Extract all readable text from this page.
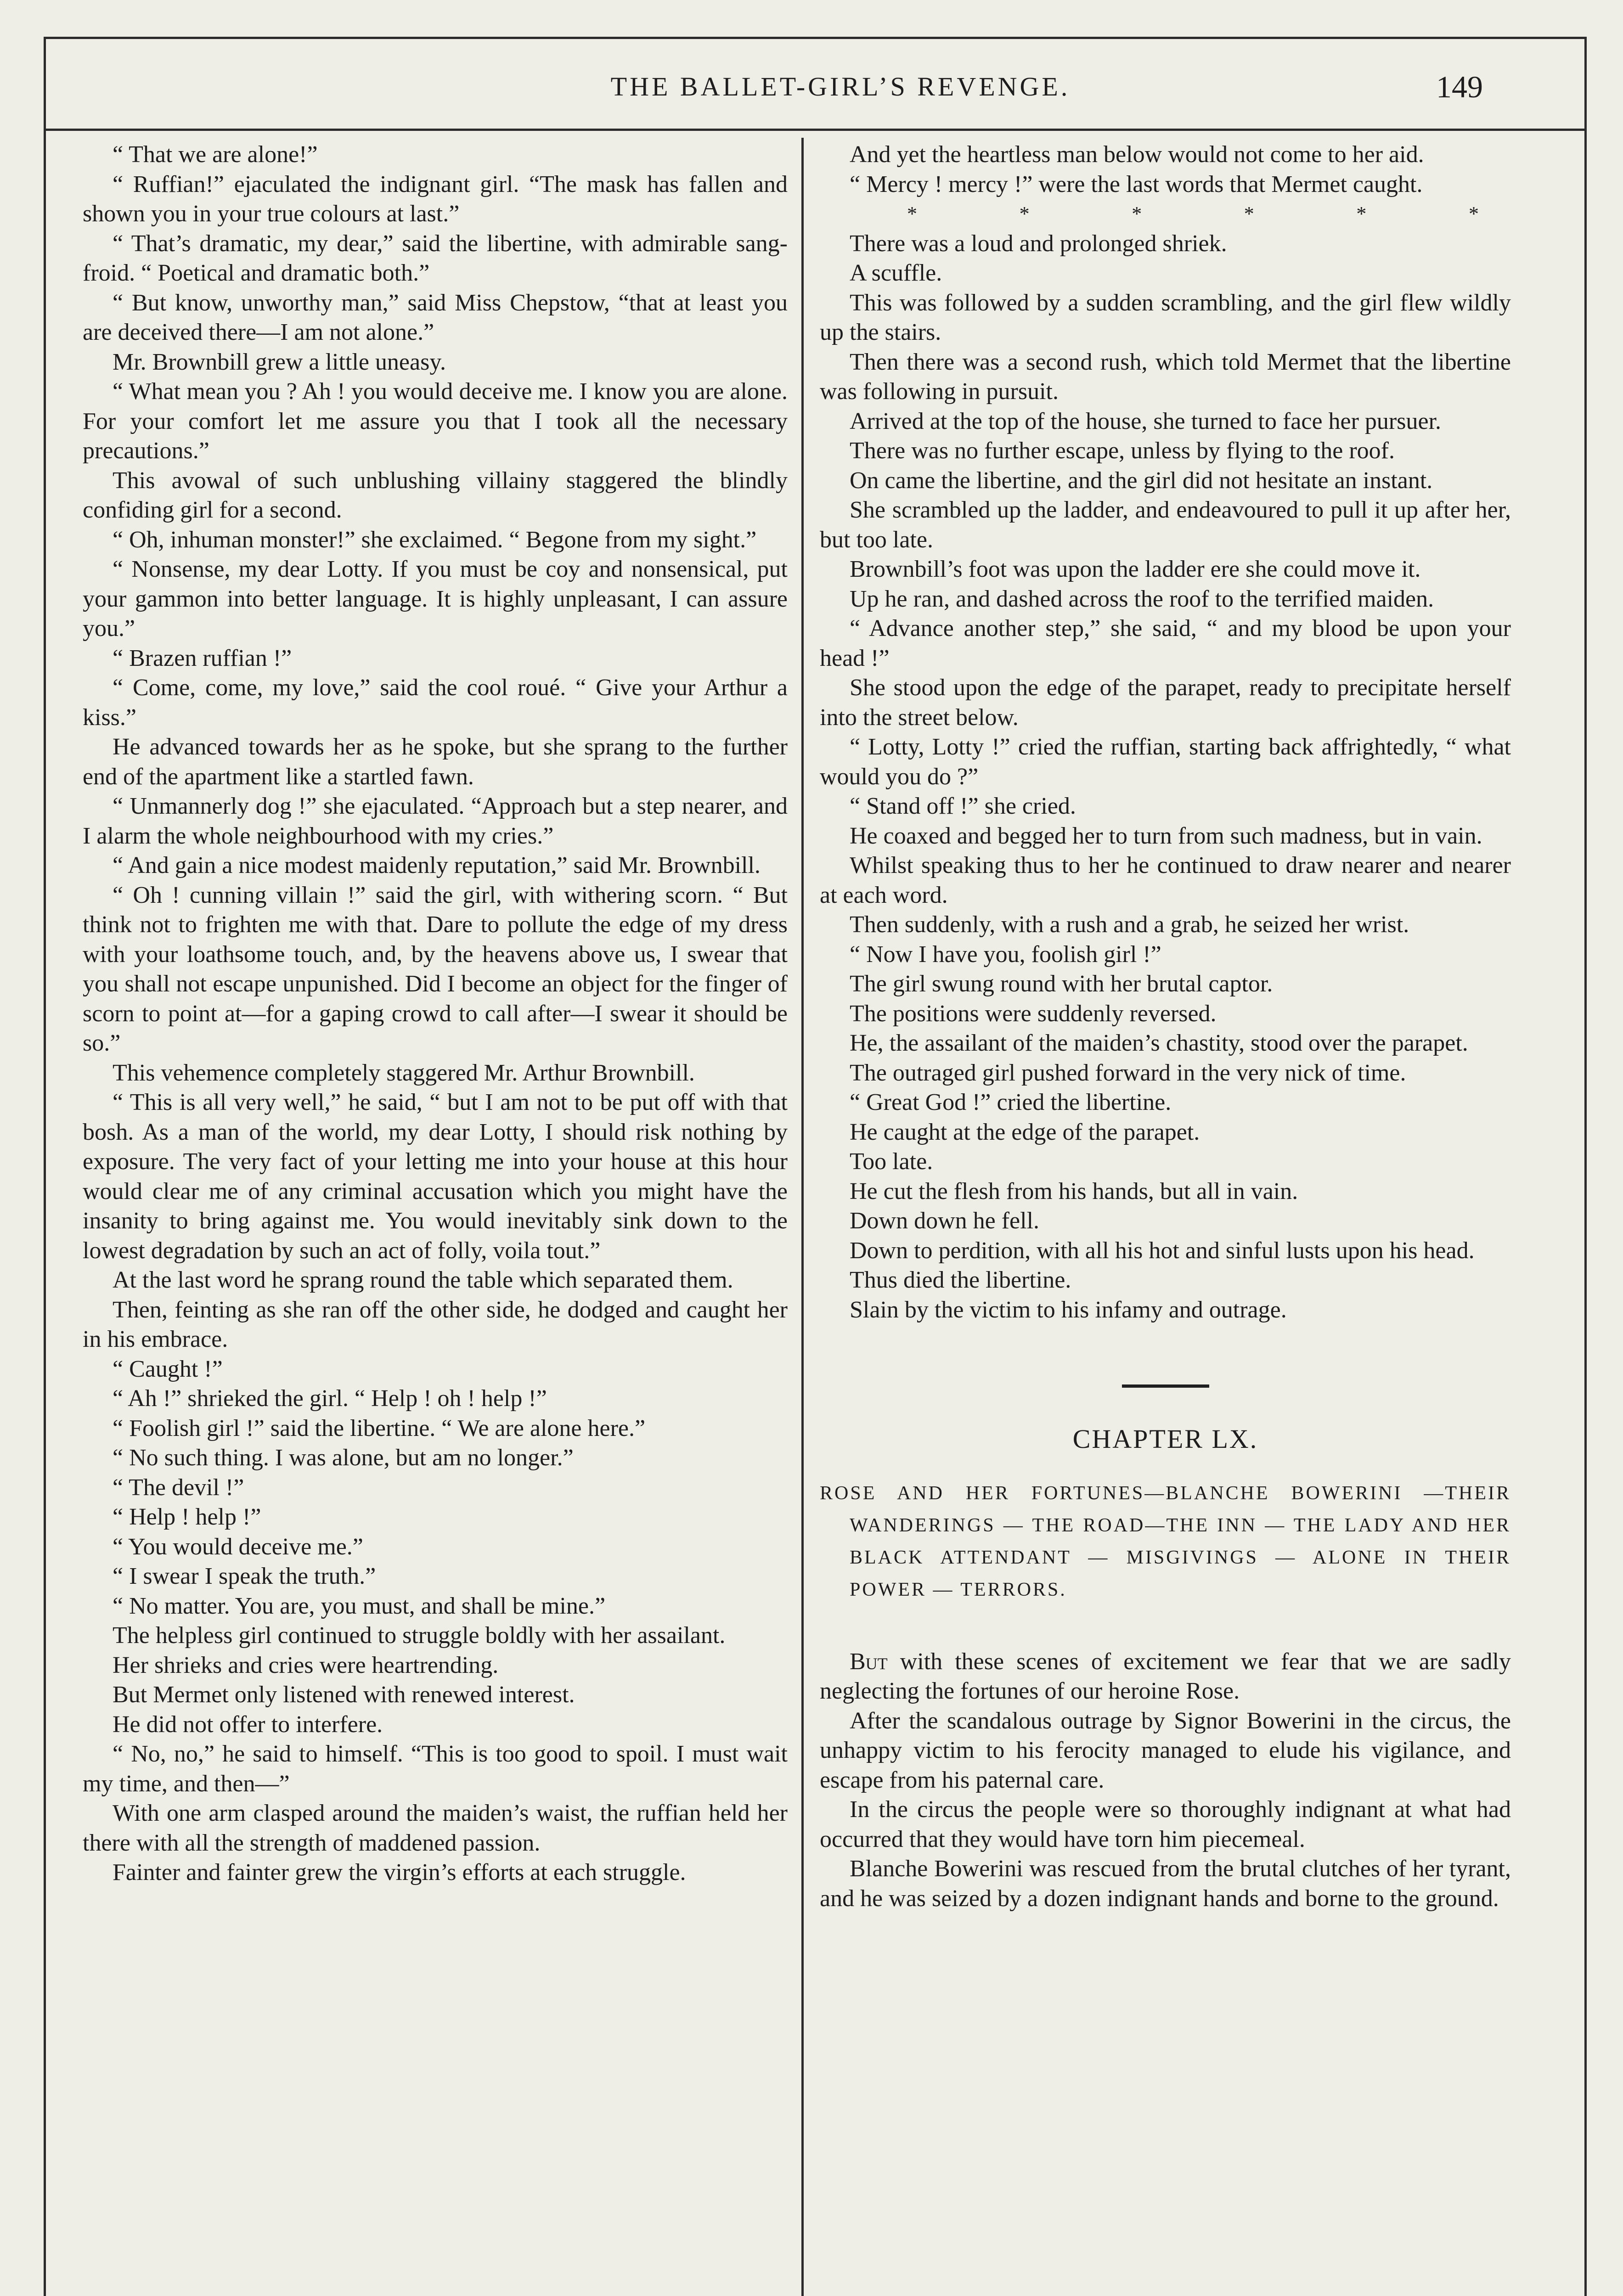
THE BALLET-GIRL’S REVENGE.	149

“ That we are alone!”

“ Ruffian!” ejaculated the indignant girl. “The mask has fallen and shown you in your true colours at last.”

“ That’s dramatic, my dear,” said the libertine, with admirable sang-froid. “ Poetical and dramatic both.”

“ But know, unworthy man,” said Miss Chepstow, “that at least you are deceived there—I am not alone.”

Mr. Brownbill grew a little uneasy.

“ What mean you ? Ah ! you would deceive me. I know you are alone. For your comfort let me assure you that I took all the necessary precautions.”

This avowal of such unblushing villainy staggered the blindly confiding girl for a second.

“ Oh, inhuman monster!” she exclaimed. “ Begone from my sight.”

“ Nonsense, my dear Lotty. If you must be coy and nonsensical, put your gammon into better language. It is highly unpleasant, I can assure you.”

“ Brazen ruffian !”

“ Come, come, my love,” said the cool roué. “ Give your Arthur a kiss.”

He advanced towards her as he spoke, but she sprang to the further end of the apartment like a startled fawn.

“ Unmannerly dog !” she ejaculated. “Approach but a step nearer, and I alarm the whole neighbourhood with my cries.”

“ And gain a nice modest maidenly reputation,” said Mr. Brownbill.

“ Oh ! cunning villain !” said the girl, with withering scorn. “ But think not to frighten me with that. Dare to pollute the edge of my dress with your loathsome touch, and, by the heavens above us, I swear that you shall not escape unpunished. Did I become an object for the finger of scorn to point at—for a gaping crowd to call after—I swear it should be so.”

This vehemence completely staggered Mr. Arthur Brownbill.

“ This is all very well,” he said, “ but I am not to be put off with that bosh. As a man of the world, my dear Lotty, I should risk nothing by exposure. The very fact of your letting me into your house at this hour would clear me of any criminal accusation which you might have the insanity to bring against me. You would inevitably sink down to the lowest degradation by such an act of folly, voila tout.”

At the last word he sprang round the table which separated them.

Then, feinting as she ran off the other side, he dodged and caught her in his embrace.

“ Caught !”

“ Ah !” shrieked the girl. “ Help ! oh ! help !”

“ Foolish girl !” said the libertine. “ We are alone here.”

“ No such thing. I was alone, but am no longer.”

“ The devil !”

“ Help ! help !”

“ You would deceive me.”

“ I swear I speak the truth.”

“ No matter. You are, you must, and shall be mine.”

The helpless girl continued to struggle boldly with her assailant.

Her shrieks and cries were heartrending.

But Mermet only listened with renewed interest.

He did not offer to interfere.

“ No, no,” he said to himself. “This is too good to spoil. I must wait my time, and then—”

With one arm clasped around the maiden’s waist, the ruffian held her there with all the strength of maddened passion.

Fainter and fainter grew the virgin’s efforts at each struggle.

And yet the heartless man below would not come to her aid.

“ Mercy ! mercy !” were the last words that Mermet caught.

*	*	*	*	*	*

There was a loud and prolonged shriek.

A scuffle.

This was followed by a sudden scrambling, and the girl flew wildly up the stairs.

Then there was a second rush, which told Mermet that the libertine was following in pursuit.

Arrived at the top of the house, she turned to face her pursuer.

There was no further escape, unless by flying to the roof.

On came the libertine, and the girl did not hesitate an instant.

She scrambled up the ladder, and endeavoured to pull it up after her, but too late.

Brownbill’s foot was upon the ladder ere she could move it.

Up he ran, and dashed across the roof to the terrified maiden.

“ Advance another step,” she said, “ and my blood be upon your head !”

She stood upon the edge of the parapet, ready to precipitate herself into the street below.

“ Lotty, Lotty !” cried the ruffian, starting back affrightedly, “ what would you do ?”

“ Stand off !” she cried.

He coaxed and begged her to turn from such madness, but in vain.

Whilst speaking thus to her he continued to draw nearer and nearer at each word.

Then suddenly, with a rush and a grab, he seized her wrist.

“ Now I have you, foolish girl !”

The girl swung round with her brutal captor.

The positions were suddenly reversed.

He, the assailant of the maiden’s chastity, stood over the parapet.

The outraged girl pushed forward in the very nick of time.

“ Great God !” cried the libertine.

He caught at the edge of the parapet.

Too late.

He cut the flesh from his hands, but all in vain.

Down down he fell.

Down to perdition, with all his hot and sinful lusts upon his head.

Thus died the libertine.

Slain by the victim to his infamy and outrage.

CHAPTER LX.
ROSE AND HER FORTUNES—BLANCHE BOWERINI —THEIR WANDERINGS — THE ROAD—THE INN — THE LADY AND HER BLACK ATTENDANT — MISGIVINGS — ALONE IN THEIR POWER — TERRORS.

But with these scenes of excitement we fear that we are sadly neglecting the fortunes of our heroine Rose.

After the scandalous outrage by Signor Bowerini in the circus, the unhappy victim to his ferocity managed to elude his vigilance, and escape from his paternal care.

In the circus the people were so thoroughly indignant at what had occurred that they would have torn him piecemeal.

Blanche Bowerini was rescued from the brutal clutches of her tyrant, and he was seized by a dozen indignant hands and borne to the ground.
